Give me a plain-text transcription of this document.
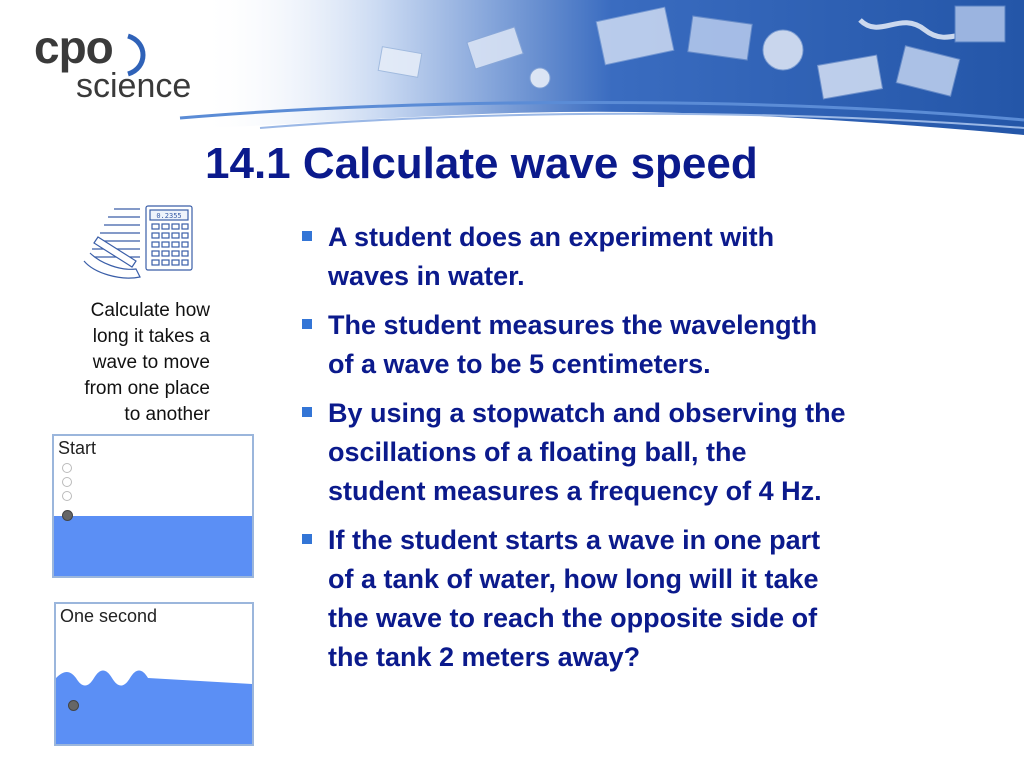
cpo
science
14.1 Calculate wave speed
0.2355

Calculate how
long it takes a
wave to move
from one place
to another

Start
One second
A student does an experiment with
waves in water.
The student measures the wavelength
of a wave to be 5 centimeters.
By using a stopwatch and observing the
oscillations of a floating ball, the
student measures a frequency of 4 Hz.
If the student starts a wave in one part
of a tank of water, how long will it take
the wave to reach the opposite side of
the tank 2 meters away?
